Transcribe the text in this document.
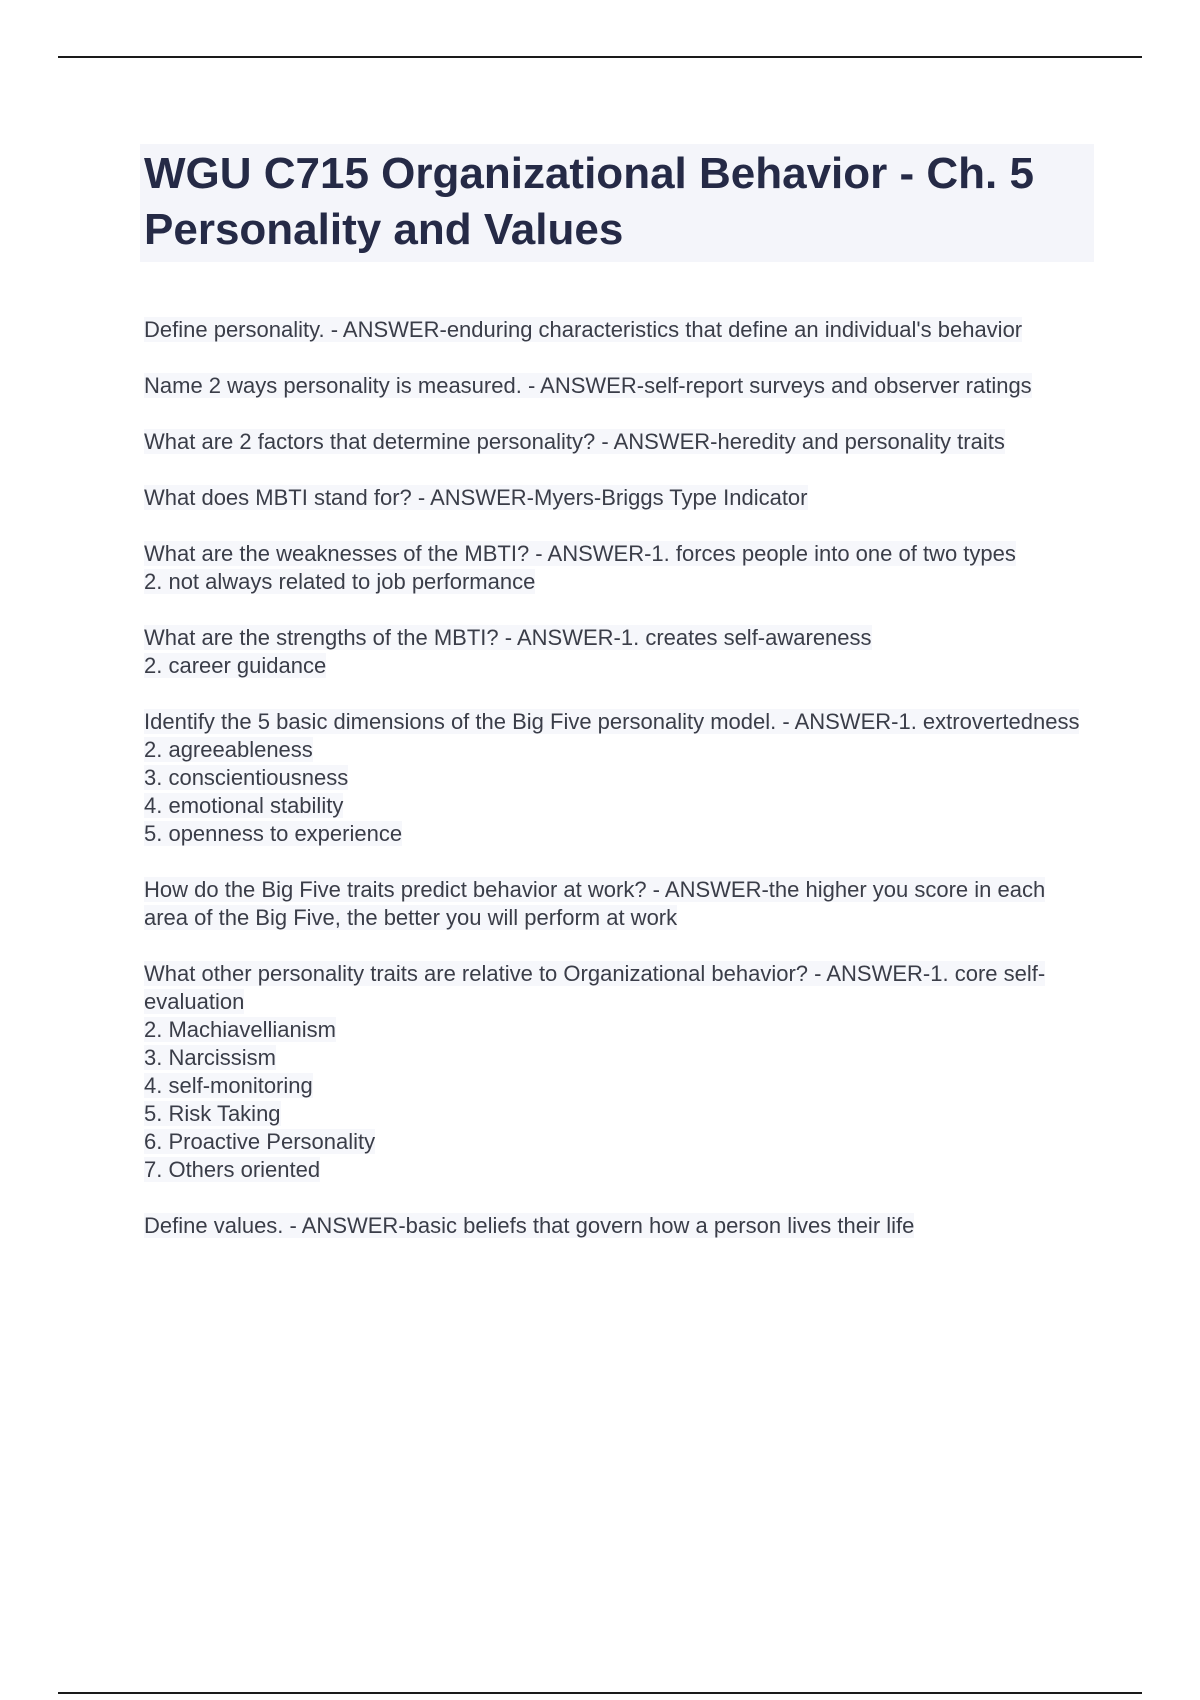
WGU C715 Organizational Behavior - Ch. 5 Personality and Values

Define personality. - ANSWER-enduring characteristics that define an individual's behavior

Name 2 ways personality is measured. - ANSWER-self-report surveys and observer ratings

What are 2 factors that determine personality? - ANSWER-heredity and personality traits

What does MBTI stand for? - ANSWER-Myers-Briggs Type Indicator

What are the weaknesses of the MBTI? - ANSWER-1. forces people into one of two types
2. not always related to job performance

What are the strengths of the MBTI? - ANSWER-1. creates self-awareness
2. career guidance

Identify the 5 basic dimensions of the Big Five personality model. - ANSWER-1. extrovertedness
2. agreeableness
3. conscientiousness
4. emotional stability
5. openness to experience

How do the Big Five traits predict behavior at work? - ANSWER-the higher you score in each area of the Big Five, the better you will perform at work

What other personality traits are relative to Organizational behavior? - ANSWER-1. core self-evaluation
2. Machiavellianism
3. Narcissism
4. self-monitoring
5. Risk Taking
6. Proactive Personality
7. Others oriented

Define values. - ANSWER-basic beliefs that govern how a person lives their life
